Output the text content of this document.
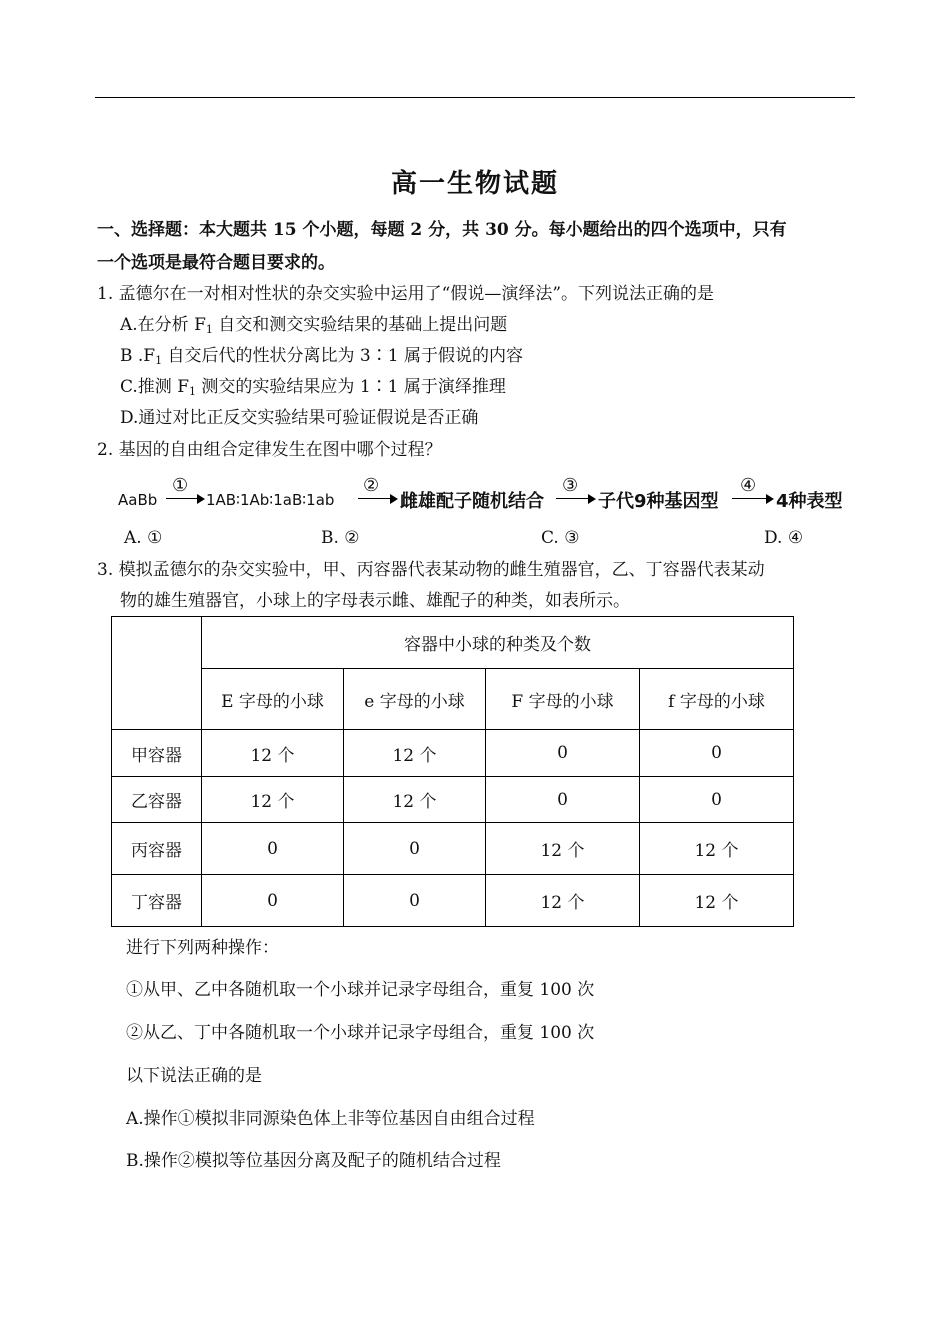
高一生物试题
一、选择题：本大题共 15 个小题，每题 2 分，共 30 分。每小题给出的四个选项中，只有
一个选项是最符合题目要求的。
1. 孟德尔在一对相对性状的杂交实验中运用了“假说—演绎法”。下列说法正确的是
A.在分析 $F_1$ 自交和测交实验结果的基础上提出问题
B $.F_1$ 自交后代的性状分离比为 3∶1 属于假说的内容
C.推测 $F_1$ 测交的实验结果应为 1∶1 属于演绎推理
D.通过对比正反交实验结果可验证假说是否正确
2. 基因的自由组合定律发生在图中哪个过程？
AaBb
①
1AB∶1Ab∶1aB∶1ab
②
雌雄配子随机结合
③
子代9种基因型
④
4种表型
A. ①	B. ②	C. ③	D. ④
3. 模拟孟德尔的杂交实验中，甲、丙容器代表某动物的雌生殖器官，乙、丁容器代表某动
物的雄生殖器官，小球上的字母表示雌、雄配子的种类，如表所示。
	容器中小球的种类及个数			
	E 字母的小球	e 字母的小球	F 字母的小球	f 字母的小球
甲容器	12 个	12 个	0	0
乙容器	12 个	12 个	0	0
丙容器	0	0	12 个	12 个
丁容器	0	0	12 个	12 个
进行下列两种操作：
①从甲、乙中各随机取一个小球并记录字母组合，重复 100 次
②从乙、丁中各随机取一个小球并记录字母组合，重复 100 次
以下说法正确的是
A.操作①模拟非同源染色体上非等位基因自由组合过程
B.操作②模拟等位基因分离及配子的随机结合过程
